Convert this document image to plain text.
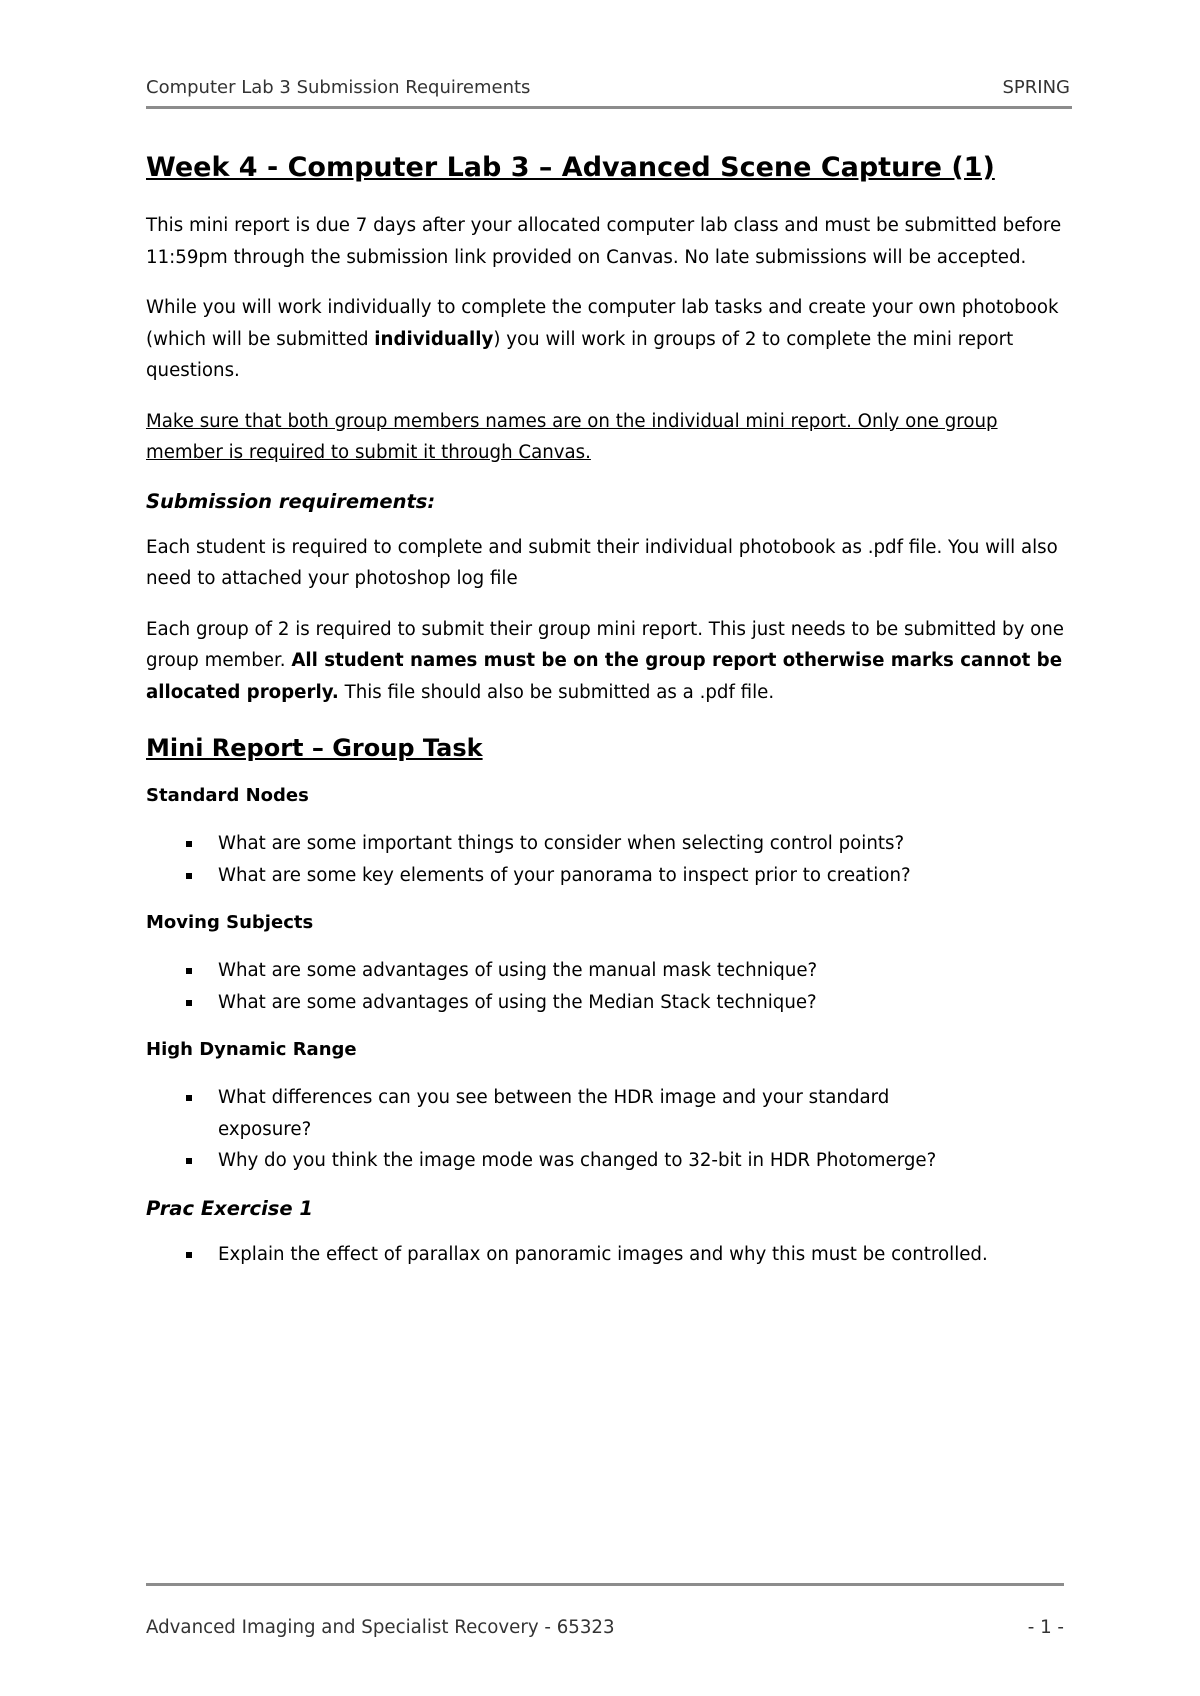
Computer Lab 3 Submission Requirements	SPRING
Week 4 - Computer Lab 3 – Advanced Scene Capture (1)

This mini report is due 7 days after your allocated computer lab class and must be submitted before 11:59pm through the submission link provided on Canvas. No late submissions will be accepted.

While you will work individually to complete the computer lab tasks and create your own photobook (which will be submitted individually) you will work in groups of 2 to complete the mini report questions.

Make sure that both group members names are on the individual mini report. Only one group member is required to submit it through Canvas.

Submission requirements:

Each student is required to complete and submit their individual photobook as .pdf file. You will also need to attached your photoshop log file

Each group of 2 is required to submit their group mini report. This just needs to be submitted by one group member. All student names must be on the group report otherwise marks cannot be allocated properly. This file should also be submitted as a .pdf file.

Mini Report – Group Task
Standard Nodes
What are some important things to consider when selecting control points?
What are some key elements of your panorama to inspect prior to creation?
Moving Subjects
What are some advantages of using the manual mask technique?
What are some advantages of using the Median Stack technique?
High Dynamic Range
What differences can you see between the HDR image and your standard exposure?
Why do you think the image mode was changed to 32-bit in HDR Photomerge?
Prac Exercise 1
Explain the effect of parallax on panoramic images and why this must be controlled.
Advanced Imaging and Specialist Recovery - 65323	- 1 -
